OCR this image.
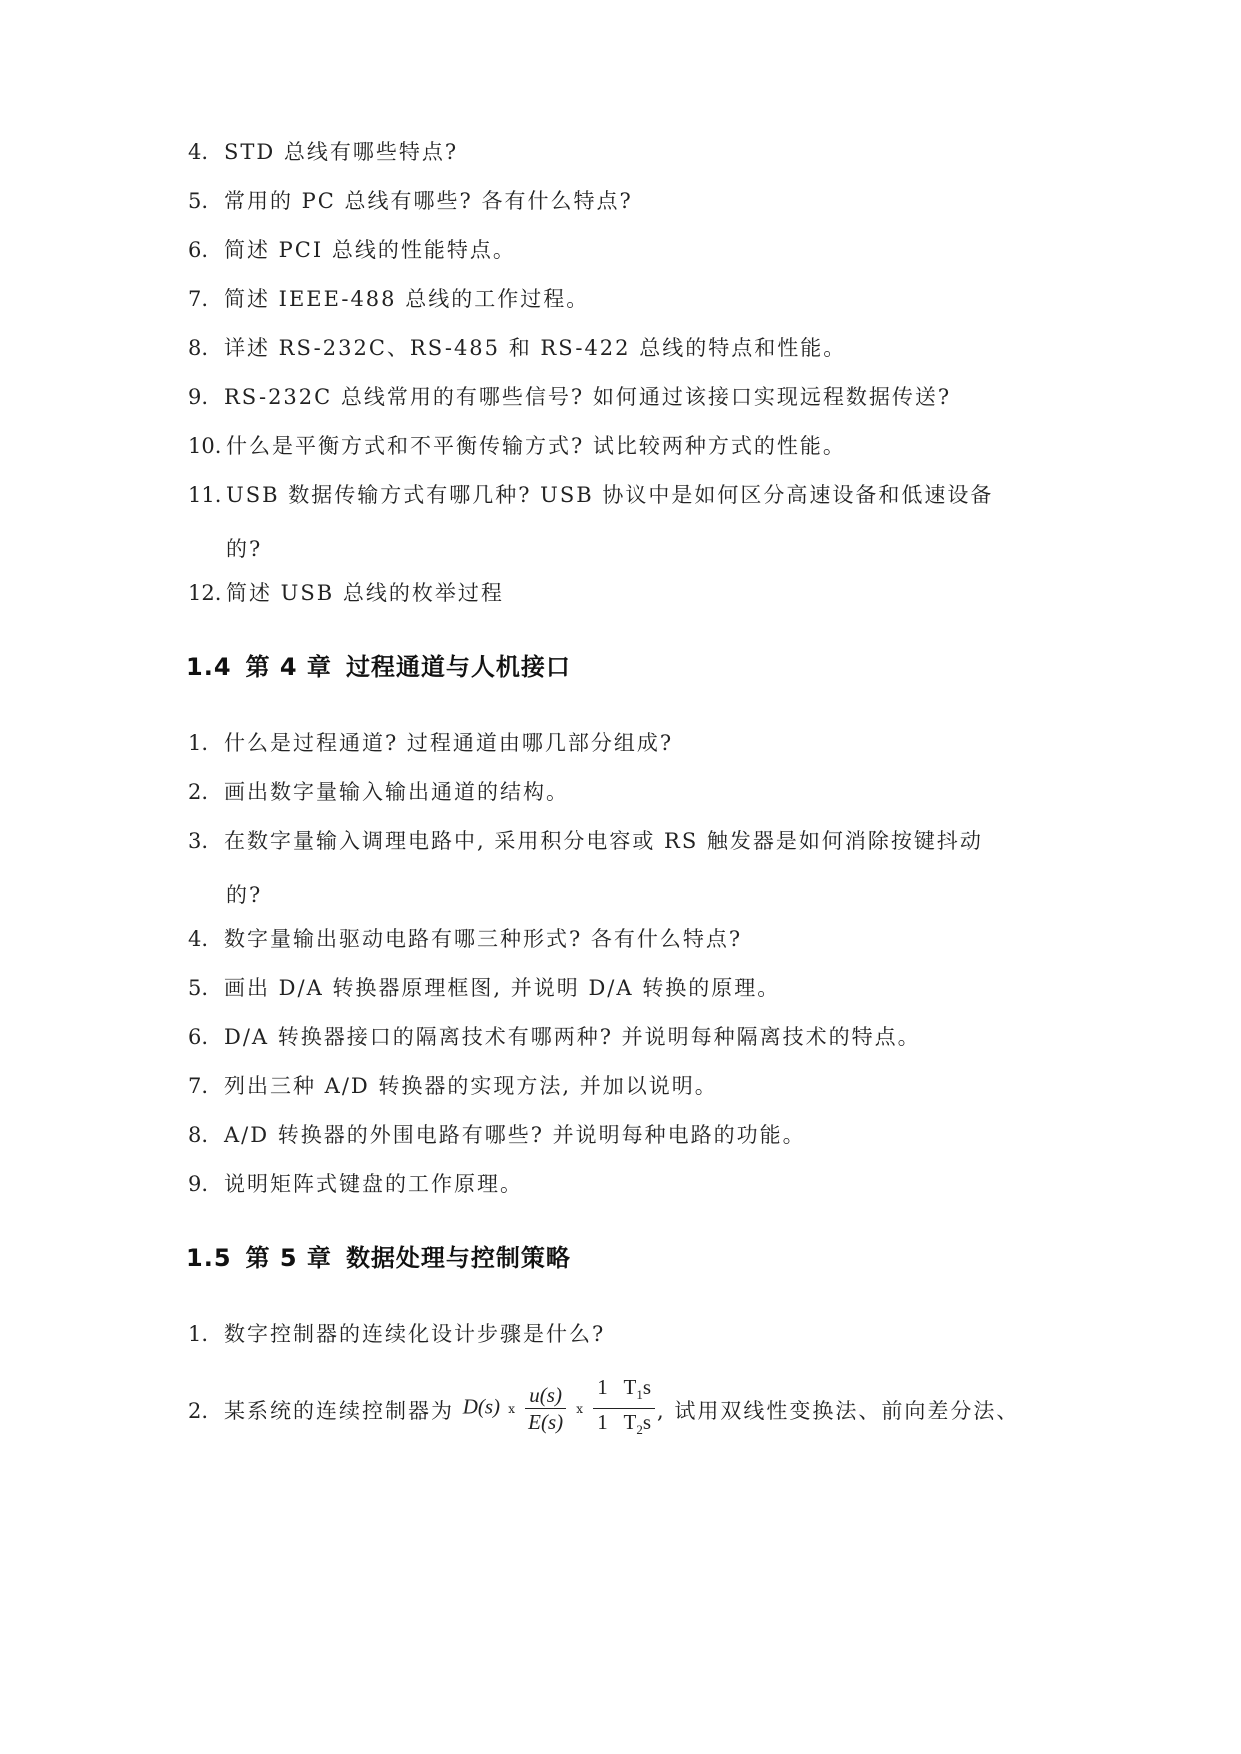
4. STD 总线有哪些特点?
5. 常用的 PC 总线有哪些? 各有什么特点?
6. 简述 PCI 总线的性能特点。
7. 简述 IEEE-488 总线的工作过程。
8. 详述 RS-232C、RS-485 和 RS-422 总线的特点和性能。
9. RS-232C 总线常用的有哪些信号? 如何通过该接口实现远程数据传送?
10. 什么是平衡方式和不平衡传输方式? 试比较两种方式的性能。
11. USB 数据传输方式有哪几种? USB 协议中是如何区分高速设备和低速设备
的?
12. 简述 USB 总线的枚举过程
1.4 第 4 章 过程通道与人机接口
1. 什么是过程通道? 过程通道由哪几部分组成?
2. 画出数字量输入输出通道的结构。
3. 在数字量输入调理电路中, 采用积分电容或 RS 触发器是如何消除按键抖动
的?
4. 数字量输出驱动电路有哪三种形式? 各有什么特点?
5. 画出 D/A 转换器原理框图, 并说明 D/A 转换的原理。
6. D/A 转换器接口的隔离技术有哪两种? 并说明每种隔离技术的特点。
7. 列出三种 A/D 转换器的实现方法, 并加以说明。
8. A/D 转换器的外围电路有哪些? 并说明每种电路的功能。
9. 说明矩阵式键盘的工作原理。
1.5 第 5 章 数据处理与控制策略
1. 数字控制器的连续化设计步骤是什么?
2. 某系统的连续控制器为 D(s) ⅹ $\frac{u(s)}{E(s)}$ ⅹ $\frac{1 T_1s}{1 T_2s}$ , 试用双线性变换法、前向差分法、
